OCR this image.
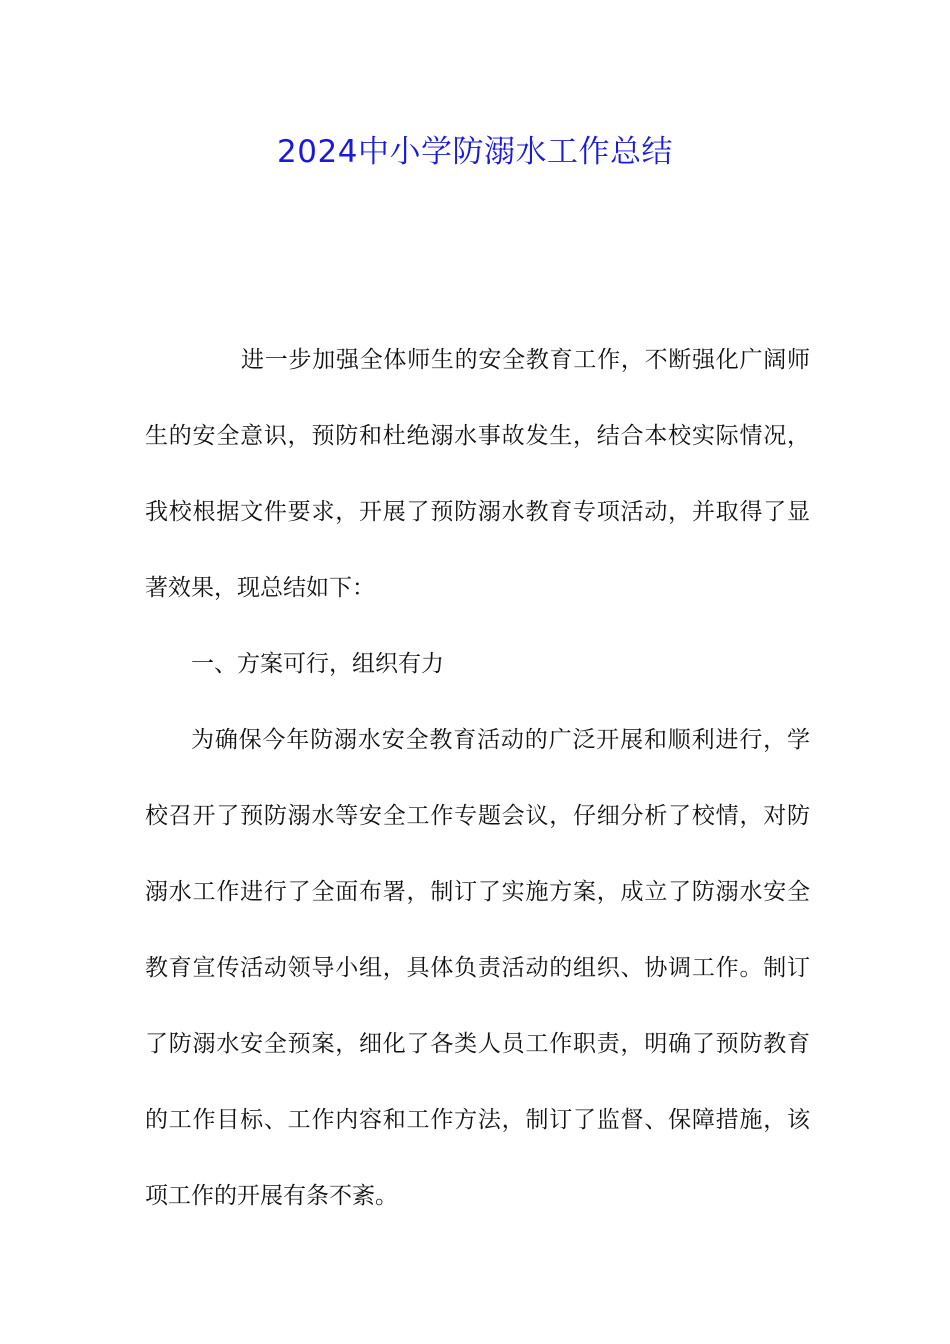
2024中小学防溺水工作总结

进一步加强全体师生的安全教育工作，不断强化广阔师生的安全意识，预防和杜绝溺水事故发生，结合本校实际情况，我校根据文件要求，开展了预防溺水教育专项活动，并取得了显著效果，现总结如下：

一、方案可行，组织有力

为确保今年防溺水安全教育活动的广泛开展和顺利进行，学校召开了预防溺水等安全工作专题会议，仔细分析了校情，对防溺水工作进行了全面布署，制订了实施方案，成立了防溺水安全教育宣传活动领导小组，具体负责活动的组织、协调工作。制订了防溺水安全预案，细化了各类人员工作职责，明确了预防教育的工作目标、工作内容和工作方法，制订了监督、保障措施，该项工作的开展有条不紊。
